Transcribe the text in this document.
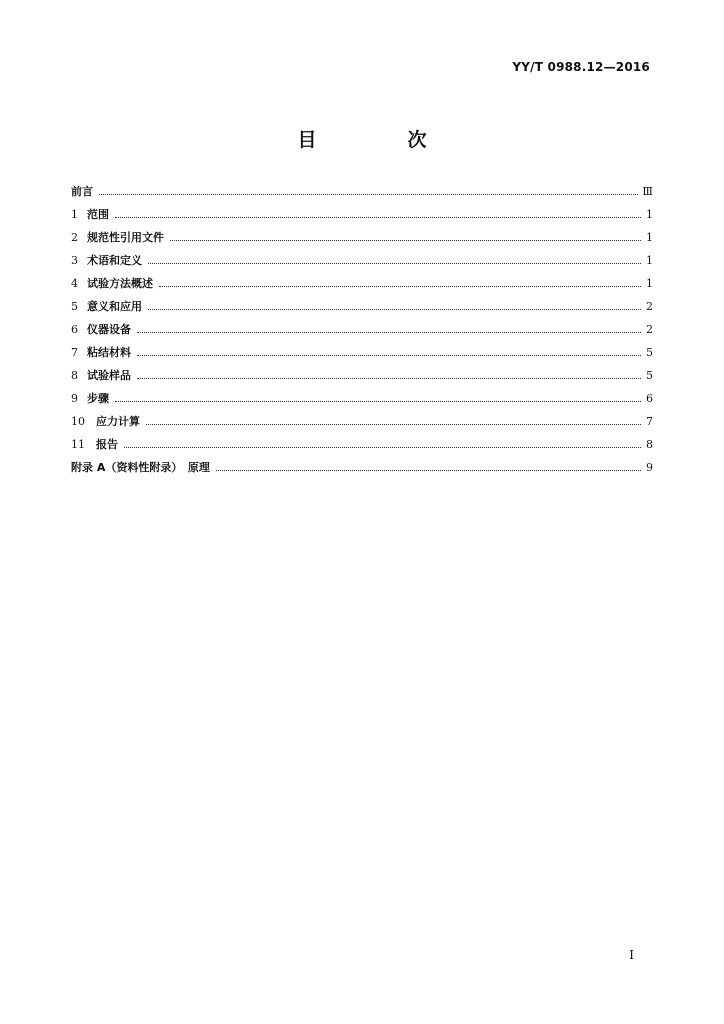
YY/T 0988.12—2016
目　次
前言	Ⅲ
1 范围	1
2 规范性引用文件	1
3 术语和定义	1
4 试验方法概述	1
5 意义和应用	2
6 仪器设备	2
7 粘结材料	5
8 试验样品	5
9 步骤	6
10	应力计算	7
11	报告	8
附录 A（资料性附录）　原理	9
I
